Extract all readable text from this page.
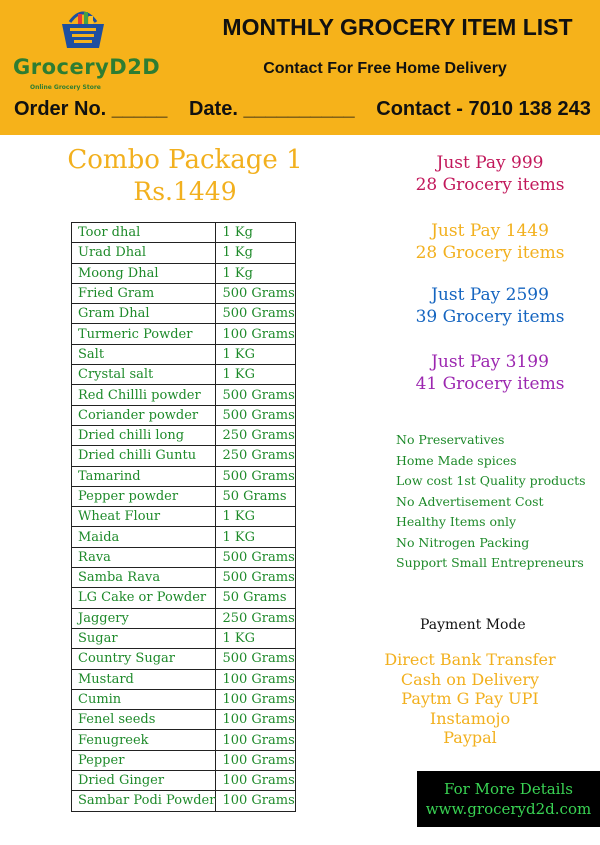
GroceryD2D
Online Grocery Store
MONTHLY GROCERY ITEM LIST
Contact For Free Home Delivery
Order No. _____ Date. __________ Contact - 7010 138 243
Combo Package 1
Rs.1449
Toor dhal	1 Kg
Urad Dhal	1 Kg
Moong Dhal	1 Kg
Fried Gram	500 Grams
Gram Dhal	500 Grams
Turmeric Powder	100 Grams
Salt	1 KG
Crystal salt	1 KG
Red Chillli powder	500 Grams
Coriander powder	500 Grams
Dried chilli long	250 Grams
Dried chilli Guntu	250 Grams
Tamarind	500 Grams
Pepper powder	50 Grams
Wheat Flour	1 KG
Maida	1 KG
Rava	500 Grams
Samba Rava	500 Grams
LG Cake or Powder	50 Grams
Jaggery	250 Grams
Sugar	1 KG
Country Sugar	500 Grams
Mustard	100 Grams
Cumin	100 Grams
Fenel seeds	100 Grams
Fenugreek	100 Grams
Pepper	100 Grams
Dried Ginger	100 Grams
Sambar Podi Powder	100 Grams
Just Pay 999
28 Grocery items
Just Pay 1449
28 Grocery items
Just Pay 2599
39 Grocery items
Just Pay 3199
41 Grocery items
No Preservatives
Home Made spices
Low cost 1st Quality products
No Advertisement Cost
Healthy Items only
No Nitrogen Packing
Support Small Entrepreneurs
Payment Mode
Direct Bank Transfer
Cash on Delivery
Paytm G Pay UPI
Instamojo
Paypal
For More Details
www.groceryd2d.com
